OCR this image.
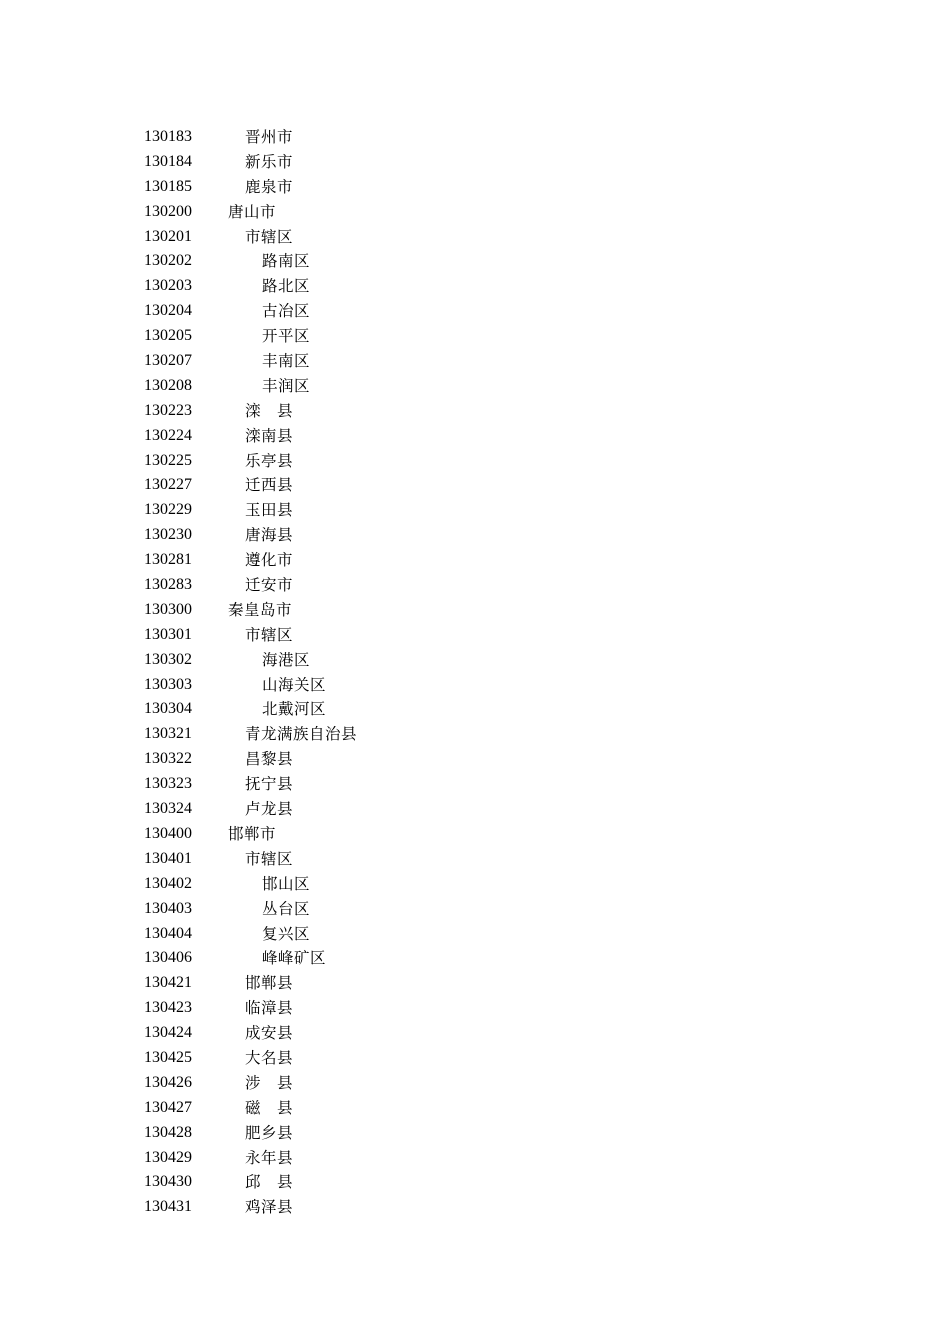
130183	晋州市
130184	新乐市
130185	鹿泉市
130200 唐山市
130201	市辖区
130202	路南区
130203	路北区
130204	古冶区
130205	开平区
130207	丰南区
130208	丰润区
130223	滦　县
130224	滦南县
130225	乐亭县
130227	迁西县
130229	玉田县
130230	唐海县
130281	遵化市
130283	迁安市
130300 秦皇岛市
130301	市辖区
130302	海港区
130303	山海关区
130304	北戴河区
130321	青龙满族自治县
130322	昌黎县
130323	抚宁县
130324	卢龙县
130400 邯郸市
130401	市辖区
130402	邯山区
130403	丛台区
130404	复兴区
130406	峰峰矿区
130421	邯郸县
130423	临漳县
130424	成安县
130425	大名县
130426	涉　县
130427	磁　县
130428	肥乡县
130429	永年县
130430	邱　县
130431	鸡泽县
